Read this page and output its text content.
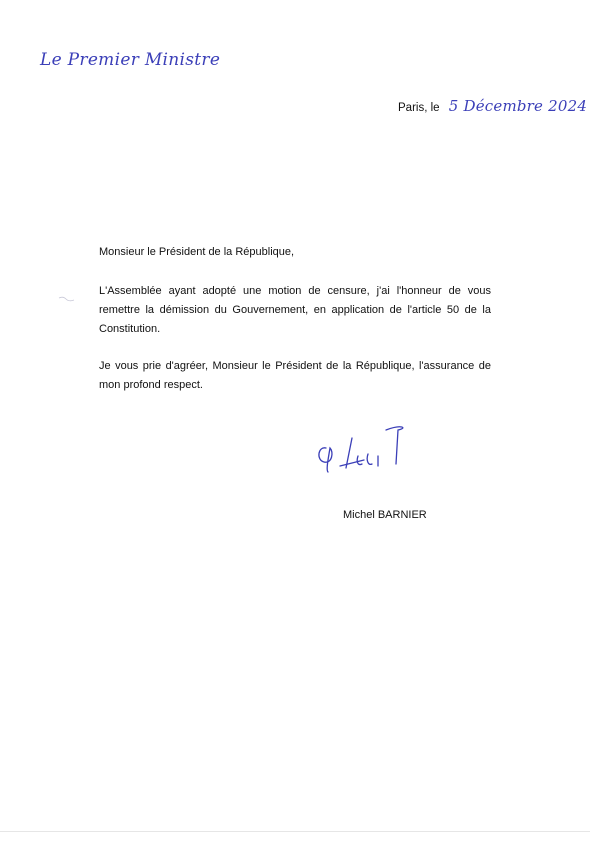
Le Premier Ministre
Paris, le 5 Décembre 2024
Monsieur le Président de la République,
L'Assemblée ayant adopté une motion de censure, j'ai l'honneur de vous remettre la démission du Gouvernement, en application de l'article 50 de la Constitution.
Je vous prie d'agréer, Monsieur le Président de la République, l'assurance de mon profond respect.
Michel BARNIER
